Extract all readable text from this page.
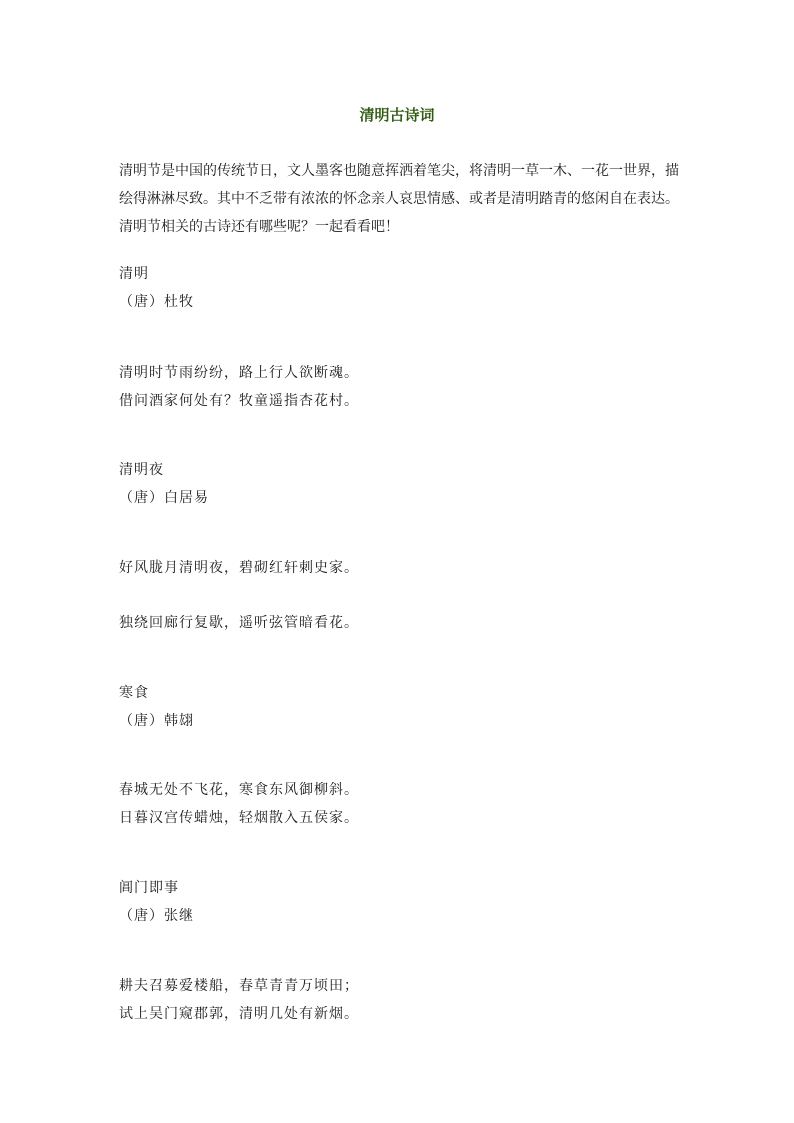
清明古诗词

清明节是中国的传统节日，文人墨客也随意挥洒着笔尖，将清明一草一木、一花一世界，描绘得淋淋尽致。其中不乏带有浓浓的怀念亲人哀思情感、或者是清明踏青的悠闲自在表达。清明节相关的古诗还有哪些呢？一起看看吧！

清明
（唐）杜牧
清明时节雨纷纷，路上行人欲断魂。
借问酒家何处有？牧童遥指杏花村。
清明夜
（唐）白居易
好风胧月清明夜，碧砌红轩刺史家。
独绕回廊行复歇，遥听弦管暗看花。
寒食
（唐）韩翃
春城无处不飞花，寒食东风御柳斜。
日暮汉宫传蜡烛，轻烟散入五侯家。
阊门即事
（唐）张继
耕夫召募爱楼船，春草青青万顷田；
试上吴门窥郡郭，清明几处有新烟。
